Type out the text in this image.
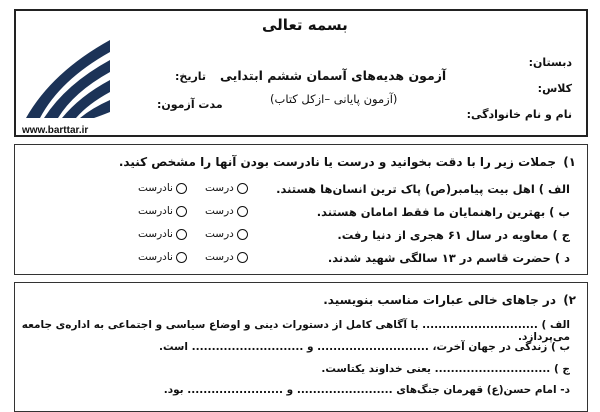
بسمه تعالی
دبستان:
کلاس:
نام و نام خانوادگی:
آزمون هدیه‌های آسمان ششم ابتدایی
(آزمون پایانی –ازکل کتاب)
تاریخ:
مدت آزمون:
www.barttar.ir
۱)
جملات زیر را با دقت بخوانید و درست یا نادرست بودن آنها را مشخص کنید.
الف ) اهل بیت پیامبر(ص) پاک ترین انسان‌ها هستند.
ب ) بهترین راهنمایان ما فقط امامان هستند.
ج ) معاویه در سال ۶۱ هجری از دنیا رفت.
د ) حضرت قاسم در ۱۳ سالگی شهید شدند.
درست
نادرست
درست
نادرست
درست
نادرست
درست
نادرست
۲)
در جاهای خالی عبارات مناسب بنویسید.
الف ) ............................. با آگاهی کامل از دستورات دینی و اوضاع سیاسی و اجتماعی به اداره‌ی جامعه می‌پردازد.
ب ) زندگی در جهان آخرت، ............................ و ............................ است.
ج ) ............................. یعنی خداوند یکتاست.
د- امام حسن(ع) قهرمان جنگ‌های ........................ و ........................ بود.
